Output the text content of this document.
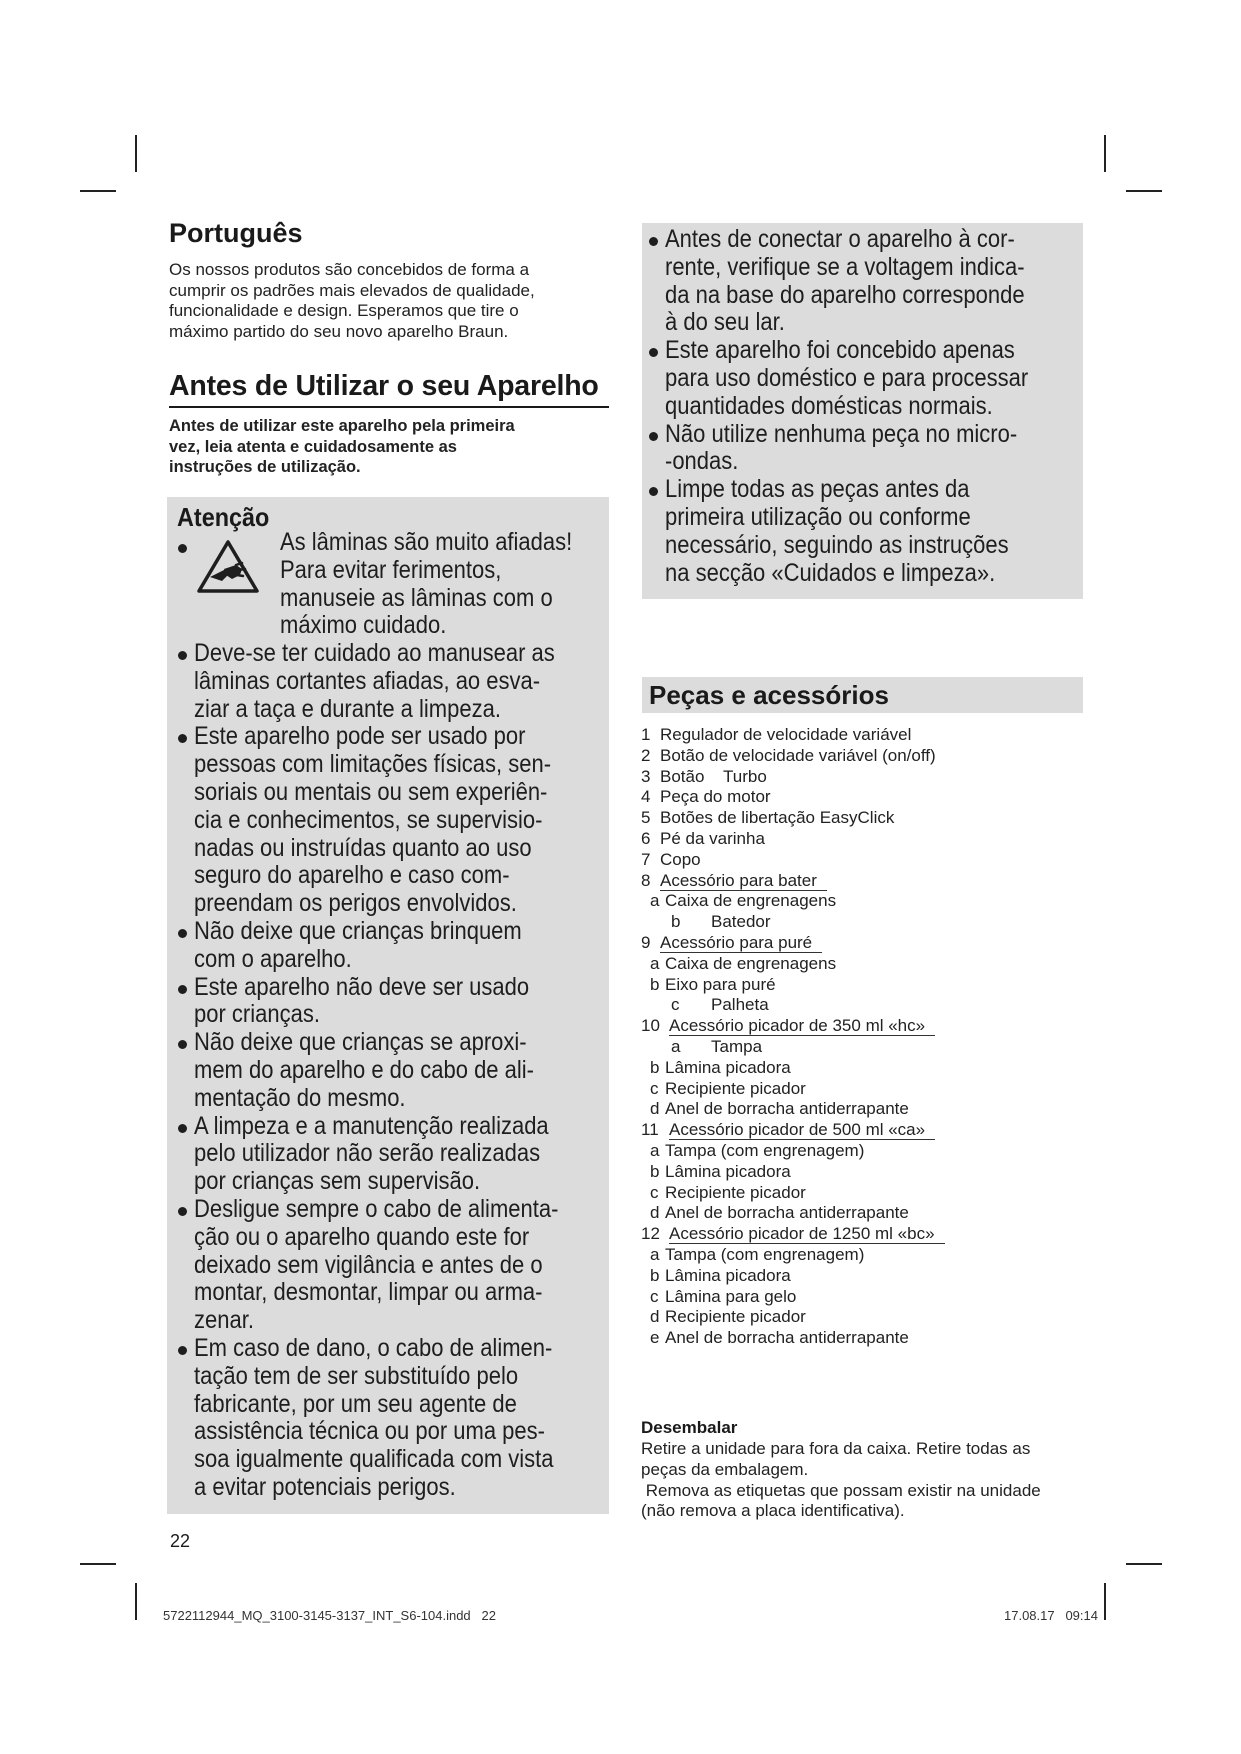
Português
Os nossos produtos são concebidos de forma a
cumprir os padrões mais elevados de qualidade,
funcionalidade e design. Esperamos que tire o
máximo partido do seu novo aparelho Braun.
Antes de Utilizar o seu Aparelho
Antes de utilizar este aparelho pela primeira
vez, leia atenta e cuidadosamente as
instruções de utilização.
Atenção
As lâminas são muito afiadas!
Para evitar ferimentos,
manuseie as lâminas com o
máximo cuidado.
Deve-se ter cuidado ao manusear as
lâminas cortantes afiadas, ao esva-
ziar a taça e durante a limpeza.
Este aparelho pode ser usado por
pessoas com limitações físicas, sen-
soriais ou mentais ou sem experiên-
cia e conhecimentos, se supervisio-
nadas ou instruídas quanto ao uso
seguro do aparelho e caso com-
preendam os perigos envolvidos.
Não deixe que crianças brinquem
com o aparelho.
Este aparelho não deve ser usado
por crianças.
Não deixe que crianças se aproxi-
mem do aparelho e do cabo de ali-
mentação do mesmo.
A limpeza e a manutenção realizada
pelo utilizador não serão realizadas
por crianças sem supervisão.
Desligue sempre o cabo de alimenta-
ção ou o aparelho quando este for
deixado sem vigilância e antes de o
montar, desmontar, limpar ou arma-
zenar.
Em caso de dano, o cabo de alimen-
tação tem de ser substituído pelo
fabricante, por um seu agente de
assistência técnica ou por uma pes-
soa igualmente qualificada com vista
a evitar potenciais perigos.
Antes de conectar o aparelho à cor-
rente, verifique se a voltagem indica-
da na base do aparelho corresponde
à do seu lar.
Este aparelho foi concebido apenas
para uso doméstico e para processar
quantidades domésticas normais.
Não utilize nenhuma peça no micro-
-ondas.
Limpe todas as peças antes da
primeira utilização ou conforme
necessário, seguindo as instruções
na secção «Cuidados e limpeza».
Peças e acessórios
1 Regulador de velocidade variável
2 Botão de velocidade variável (on/off)
3 Botão    Turbo
4 Peça do motor
5 Botões de libertação EasyClick
6 Pé da varinha
7 Copo
8 Acessório para bater
a Caixa de engrenagens
b Batedor
9 Acessório para puré
a Caixa de engrenagens
b Eixo para puré
c Palheta
10 Acessório picador de 350 ml «hc»
a Tampa
b Lâmina picadora
c Recipiente picador
d Anel de borracha antiderrapante
11 Acessório picador de 500 ml «ca»
a Tampa (com engrenagem)
b Lâmina picadora
c Recipiente picador
d Anel de borracha antiderrapante
12 Acessório picador de 1250 ml «bc»
a Tampa (com engrenagem)
b Lâmina picadora
c Lâmina para gelo
d Recipiente picador
e Anel de borracha antiderrapante
Desembalar
Retire a unidade para fora da caixa. Retire todas as
peças da embalagem.
Remova as etiquetas que possam existir na unidade
(não remova a placa identificativa).
22
5722112944_MQ_3100-3145-3137_INT_S6-104.indd   22	17.08.17   09:14
